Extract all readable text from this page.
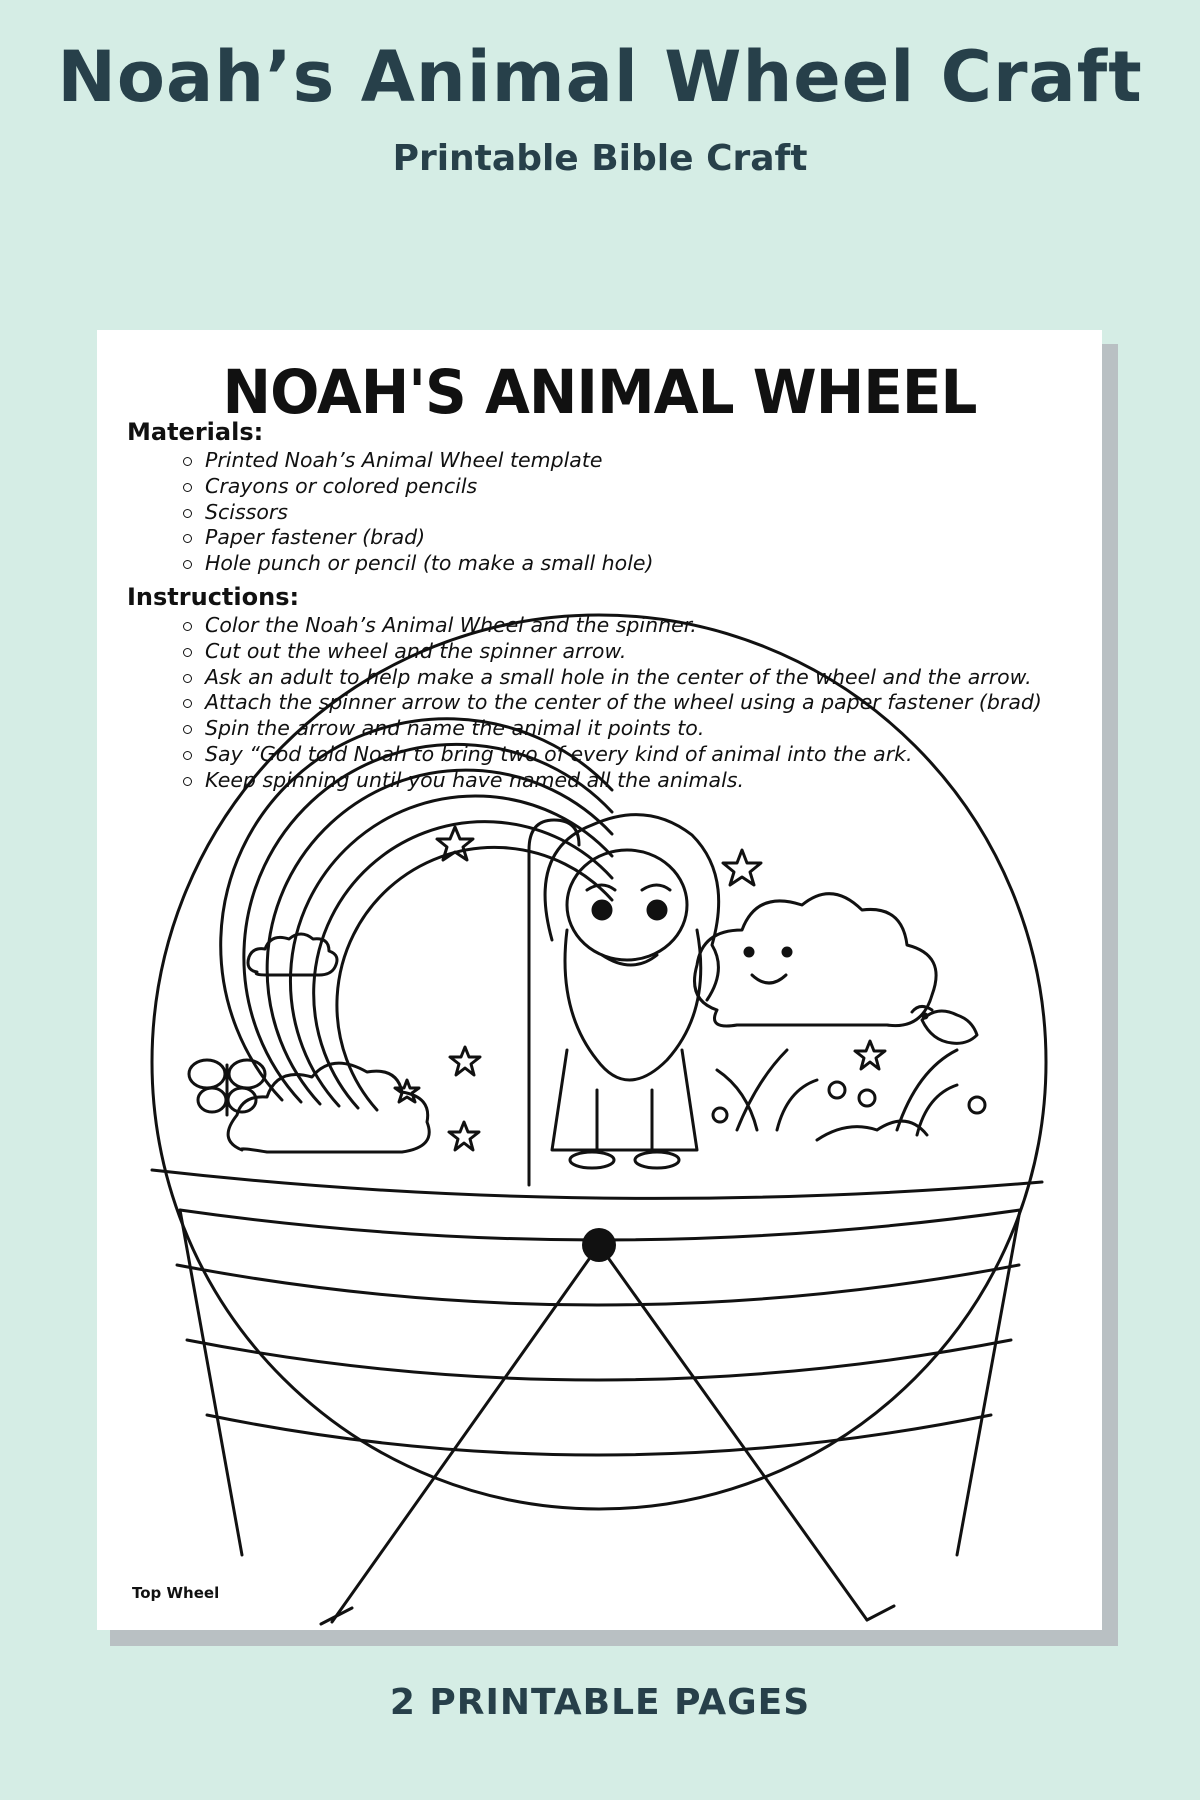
Noah’s Animal Wheel Craft
Printable Bible Craft
NOAH'S ANIMAL WHEEL
Materials:
Printed Noah’s Animal Wheel template
Crayons or colored pencils
Scissors
Paper fastener (brad)
Hole punch or pencil (to make a small hole)
Instructions:
Color the Noah’s Animal Wheel and the spinner.
Cut out the wheel and the spinner arrow.
Ask an adult to help make a small hole in the center of the wheel and the arrow.
Attach the spinner arrow to the center of the wheel using a paper fastener (brad)
Spin the arrow and name the animal it points to.
Say “God told Noah to bring two of every kind of animal into the ark.
Keep spinning until you have named all the animals.
Top Wheel
2 PRINTABLE PAGES
